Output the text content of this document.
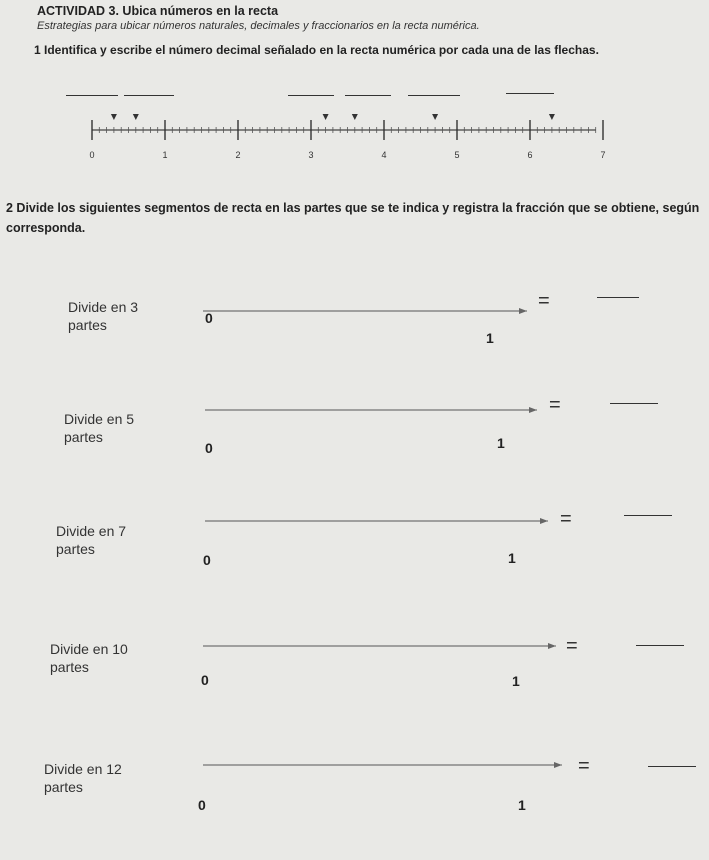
ACTIVIDAD 3. Ubica números en la recta
Estrategias para ubicar números naturales, decimales y fraccionarios en la recta numérica.
1 Identifica y escribe el número decimal señalado en la recta numérica por cada una de las flechas.
0	1	2	3	4	5	6	7
2 Divide los siguientes segmentos de recta en las partes que se te indica y registra la fracción que se obtiene, según corresponda.
Divide en 3
partes	0
1
=
Divide en 5
partes
0	1
=
Divide en 7
partes
0	1
=
Divide en 10
partes
0	1
=
Divide en 12
partes
0	1
=
